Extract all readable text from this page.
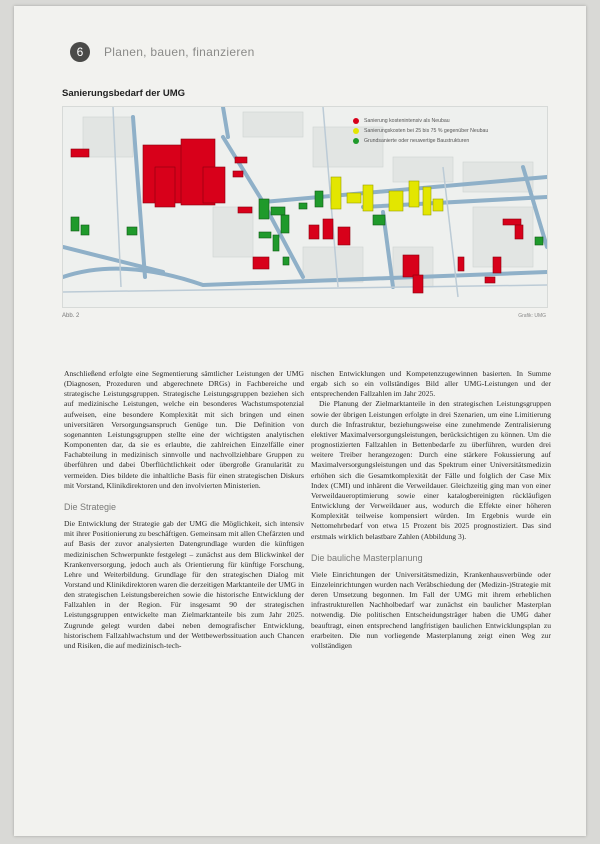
6	Planen, bauen, finanzieren
Sanierungsbedarf der UMG
Sanierung kostenintensiv als Neubau
Sanierungskosten bei 25 bis 75 % gegenüber Neubau
Grundsanierte oder neuwertige Baustrukturen
Abb. 2	Grafik: UMG

Anschließend erfolgte eine Segmentierung sämtlicher Leistungen der UMG (Diagnosen, Prozeduren und abgerechnete DRGs) in Fachbereiche und strategische Leistungsgruppen. Strategische Leistungsgruppen beziehen sich auf medizinische Leistungen, welche ein besonderes Wachstumspotenzial aufweisen, eine besondere Komplexität mit sich bringen und einen universitären Versorgungsanspruch Genüge tun. Die Definition von sogenannten Leistungsgruppen stellte eine der wichtigsten analytischen Komponenten dar, da sie es erlaubte, die zahlreichen Einzelfälle einer Fachabteilung in medizinisch sinnvolle und nachvollziehbare Gruppen zu überführen und dabei Überflüchtlichkeit oder übergroße Granularität zu vermeiden. Dies bildete die inhaltliche Basis für einen strategischen Diskurs mit Vorstand, Klinikdirektoren und den involvierten Ministerien.

Die Strategie

Die Entwicklung der Strategie gab der UMG die Möglichkeit, sich intensiv mit ihrer Positionierung zu beschäftigen. Gemeinsam mit allen Chefärzten und auf Basis der zuvor analysierten Datengrundlage wurden die künftigen medizinischen Schwerpunkte festgelegt – zunächst aus dem Blickwinkel der Krankenversorgung, jedoch auch als Orientierung für künftige Forschung, Lehre und Weiterbildung. Grundlage für den strategischen Dialog mit Vorstand und Klinikdirektoren waren die derzeitigen Marktanteile der UMG in den strategischen Leistungsbereichen sowie die historische Entwicklung der Fallzahlen in der Region. Für insgesamt 90 der strategischen Leistungsgruppen entwickelte man Zielmarktanteile bis zum Jahr 2025. Zugrunde gelegt wurden dabei neben demografischer Entwicklung, historischem Fallzahlwachstum und der Wettbewerbssituation auch Chancen und Risiken, die auf medizinisch-tech-

nischen Entwicklungen und Kompetenzzugewinnen basierten. In Summe ergab sich so ein vollständiges Bild aller UMG-Leistungen und der entsprechenden Fallzahlen im Jahr 2025.

Die Planung der Zielmarktanteile in den strategischen Leistungsgruppen sowie der übrigen Leistungen erfolgte in drei Szenarien, um eine Limitierung durch die Infrastruktur, beziehungsweise eine zunehmende Zentralisierung elektiver Maximalversorgungsleistungen, berücksichtigen zu können. Um die prognostizierten Fallzahlen in Bettenbedarfe zu überführen, wurden drei weitere Treiber herangezogen: Durch eine stärkere Fokussierung auf Maximalversorgungsleistungen und das Spektrum einer Universitätsmedizin erhöhen sich die Gesamtkomplexität der Fälle und folglich der Case Mix Index (CMI) und inhärent die Verweildauer. Gleichzeitig ging man von einer Verweildaueroptimierung sowie einer katalogbereinigten rückläufigen Entwicklung der Verweildauer aus, wodurch die Effekte einer höheren Komplexität teilweise kompensiert würden. Im Ergebnis wurde ein Nettomehrbedarf von etwa 15 Prozent bis 2025 prognostiziert. Das sind erstmals wirklich belastbare Zahlen (Abbildung 3).

Die bauliche Masterplanung

Viele Einrichtungen der Universitätsmedizin, Krankenhausverbünde oder Einzeleinrichtungen wurden nach Veräbschiedung der (Medizin-)Strategie mit deren Umsetzung begonnen. Im Fall der UMG mit ihrem erheblichen infrastrukturellen Nachholbedarf war zunächst ein baulicher Masterplan notwendig. Die politischen Entscheidungsträger haben die UMG daher beauftragt, einen entsprechend langfristigen baulichen Entwicklungsplan zu erarbeiten. Die nun vorliegende Masterplanung zeigt einen Weg zur vollständigen
